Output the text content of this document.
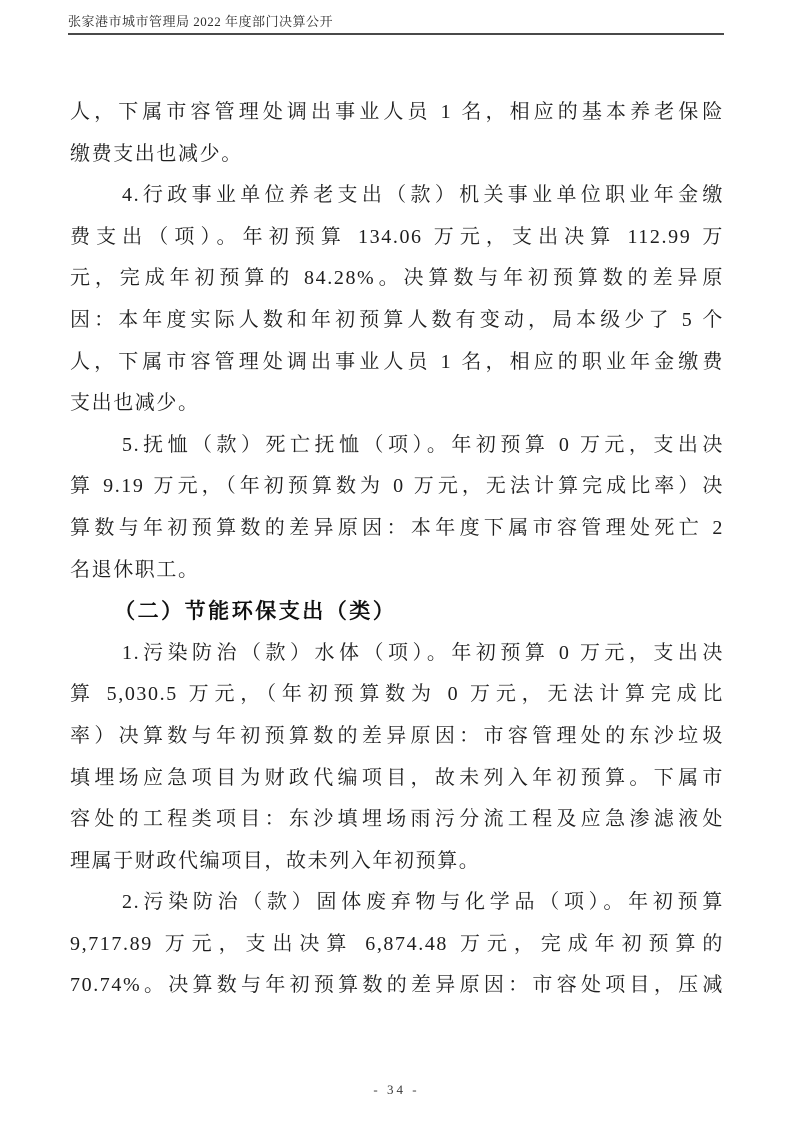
张家港市城市管理局 2022 年度部门决算公开
人，下属市容管理处调出事业人员 1 名，相应的基本养老保险
缴费支出也减少。
4.行政事业单位养老支出（款）机关事业单位职业年金缴
费支出（项）。年初预算 134.06 万元，支出决算 112.99 万
元，完成年初预算的 84.28%。决算数与年初预算数的差异原
因：本年度实际人数和年初预算人数有变动，局本级少了 5 个
人，下属市容管理处调出事业人员 1 名，相应的职业年金缴费
支出也减少。
5.抚恤（款）死亡抚恤（项）。年初预算 0 万元，支出决
算 9.19 万元，（年初预算数为 0 万元，无法计算完成比率）决
算数与年初预算数的差异原因：本年度下属市容管理处死亡 2
名退休职工。
（二）节能环保支出（类）
1.污染防治（款）水体（项）。年初预算 0 万元，支出决
算 5,030.5 万元，（年初预算数为 0 万元，无法计算完成比
率）决算数与年初预算数的差异原因：市容管理处的东沙垃圾
填埋场应急项目为财政代编项目，故未列入年初预算。下属市
容处的工程类项目：东沙填埋场雨污分流工程及应急渗滤液处
理属于财政代编项目，故未列入年初预算。
2.污染防治（款）固体废弃物与化学品（项）。年初预算
9,717.89 万元，支出决算 6,874.48 万元，完成年初预算的
70.74%。决算数与年初预算数的差异原因：市容处项目，压减
- 34 -
